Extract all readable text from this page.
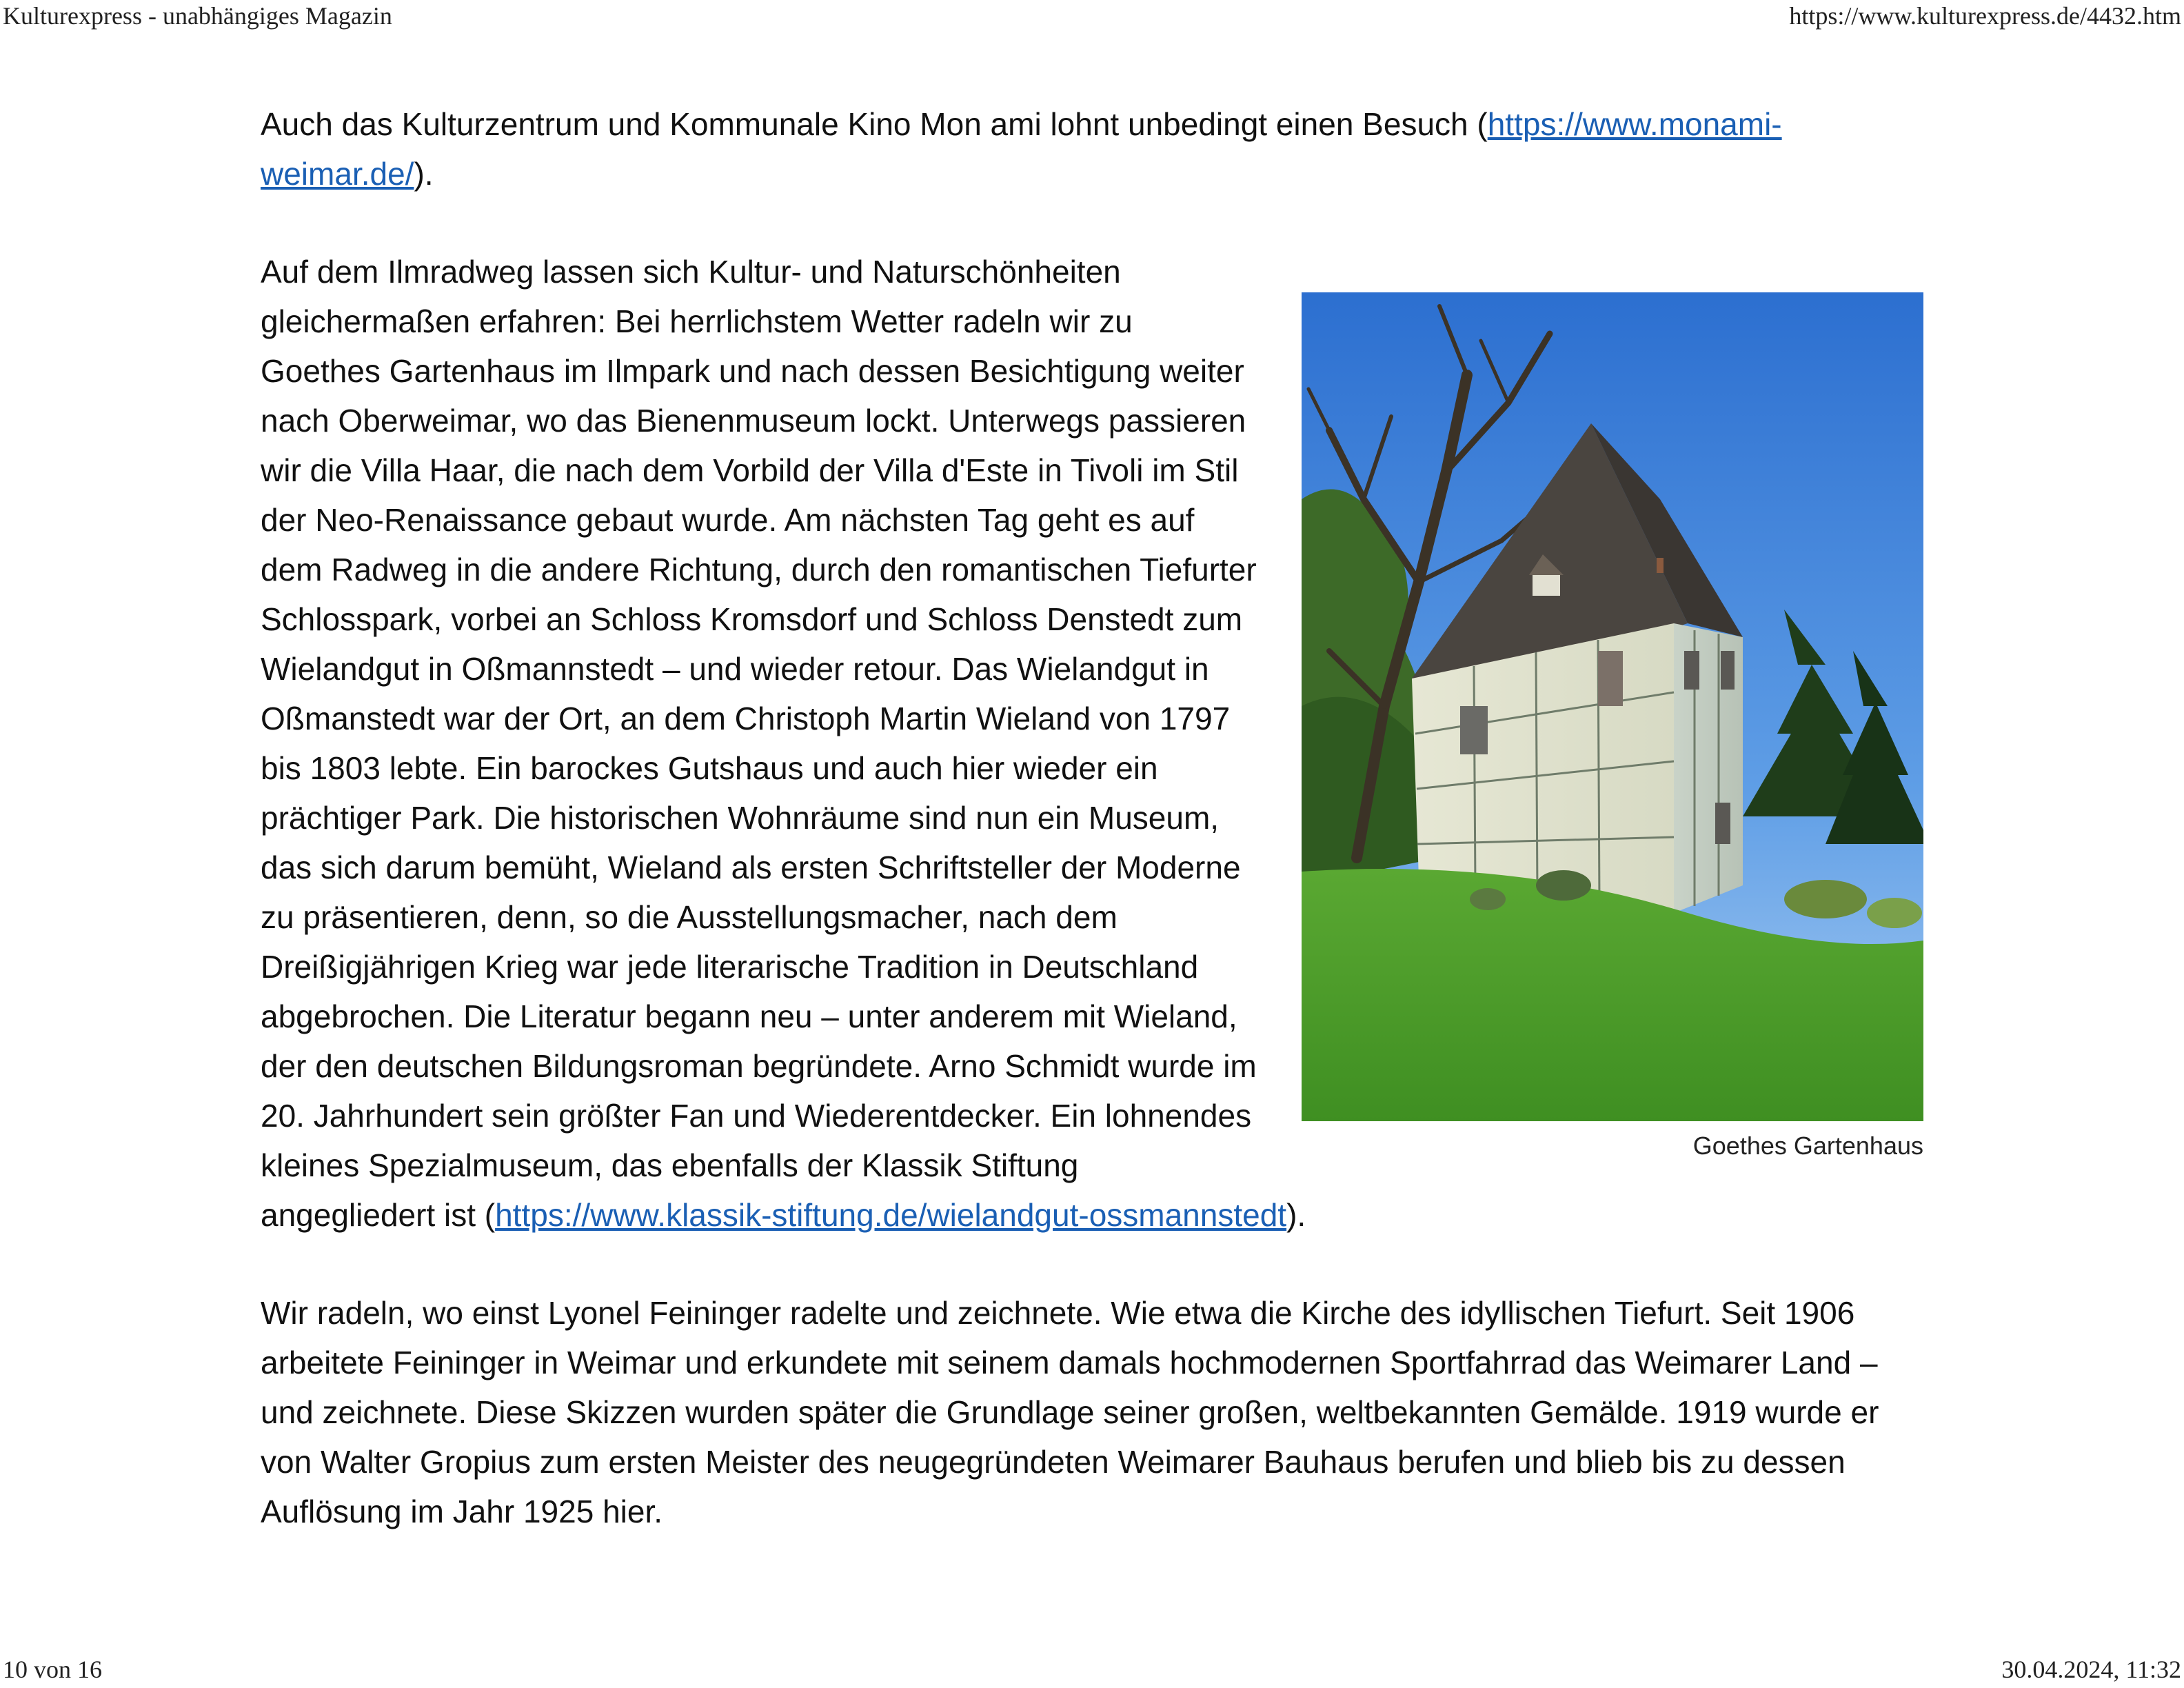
Kulturexpress - unabhängiges Magazin	https://www.kulturexpress.de/4432.htm

Auch das Kulturzentrum und Kommunale Kino Mon ami lohnt unbedingt einen Besuch (https://www.monami-weimar.de/).

Goethes Gartenhaus

Auf dem Ilmradweg lassen sich Kultur- und Naturschönheiten gleichermaßen erfahren: Bei herrlichstem Wetter radeln wir zu Goethes Gartenhaus im Ilmpark und nach dessen Besichtigung weiter nach Oberweimar, wo das Bienenmuseum lockt. Unterwegs passieren wir die Villa Haar, die nach dem Vorbild der Villa d'Este in Tivoli im Stil der Neo-Renaissance gebaut wurde. Am nächsten Tag geht es auf dem Radweg in die andere Richtung, durch den romantischen Tiefurter Schlosspark, vorbei an Schloss Kromsdorf und Schloss Denstedt zum Wielandgut in Oßmannstedt – und wieder retour. Das Wielandgut in Oßmanstedt war der Ort, an dem Christoph Martin Wieland von 1797 bis 1803 lebte. Ein barockes Gutshaus und auch hier wieder ein prächtiger Park. Die historischen Wohnräume sind nun ein Museum, das sich darum bemüht, Wieland als ersten Schriftsteller der Moderne zu präsentieren, denn, so die Ausstellungsmacher, nach dem Dreißigjährigen Krieg war jede literarische Tradition in Deutschland abgebrochen. Die Literatur begann neu – unter anderem mit Wieland, der den deutschen Bildungsroman begründete. Arno Schmidt wurde im 20. Jahrhundert sein größter Fan und Wiederentdecker. Ein lohnendes kleines Spezialmuseum, das ebenfalls der Klassik Stiftung angegliedert ist (https://www.klassik-stiftung.de/wielandgut-ossmannstedt).

Wir radeln, wo einst Lyonel Feininger radelte und zeichnete. Wie etwa die Kirche des idyllischen Tiefurt. Seit 1906 arbeitete Feininger in Weimar und erkundete mit seinem damals hochmodernen Sportfahrrad das Weimarer Land – und zeichnete. Diese Skizzen wurden später die Grundlage seiner großen, weltbekannten Gemälde. 1919 wurde er von Walter Gropius zum ersten Meister des neugegründeten Weimarer Bauhaus berufen und blieb bis zu dessen Auflösung im Jahr 1925 hier.

10 von 16	30.04.2024, 11:32
